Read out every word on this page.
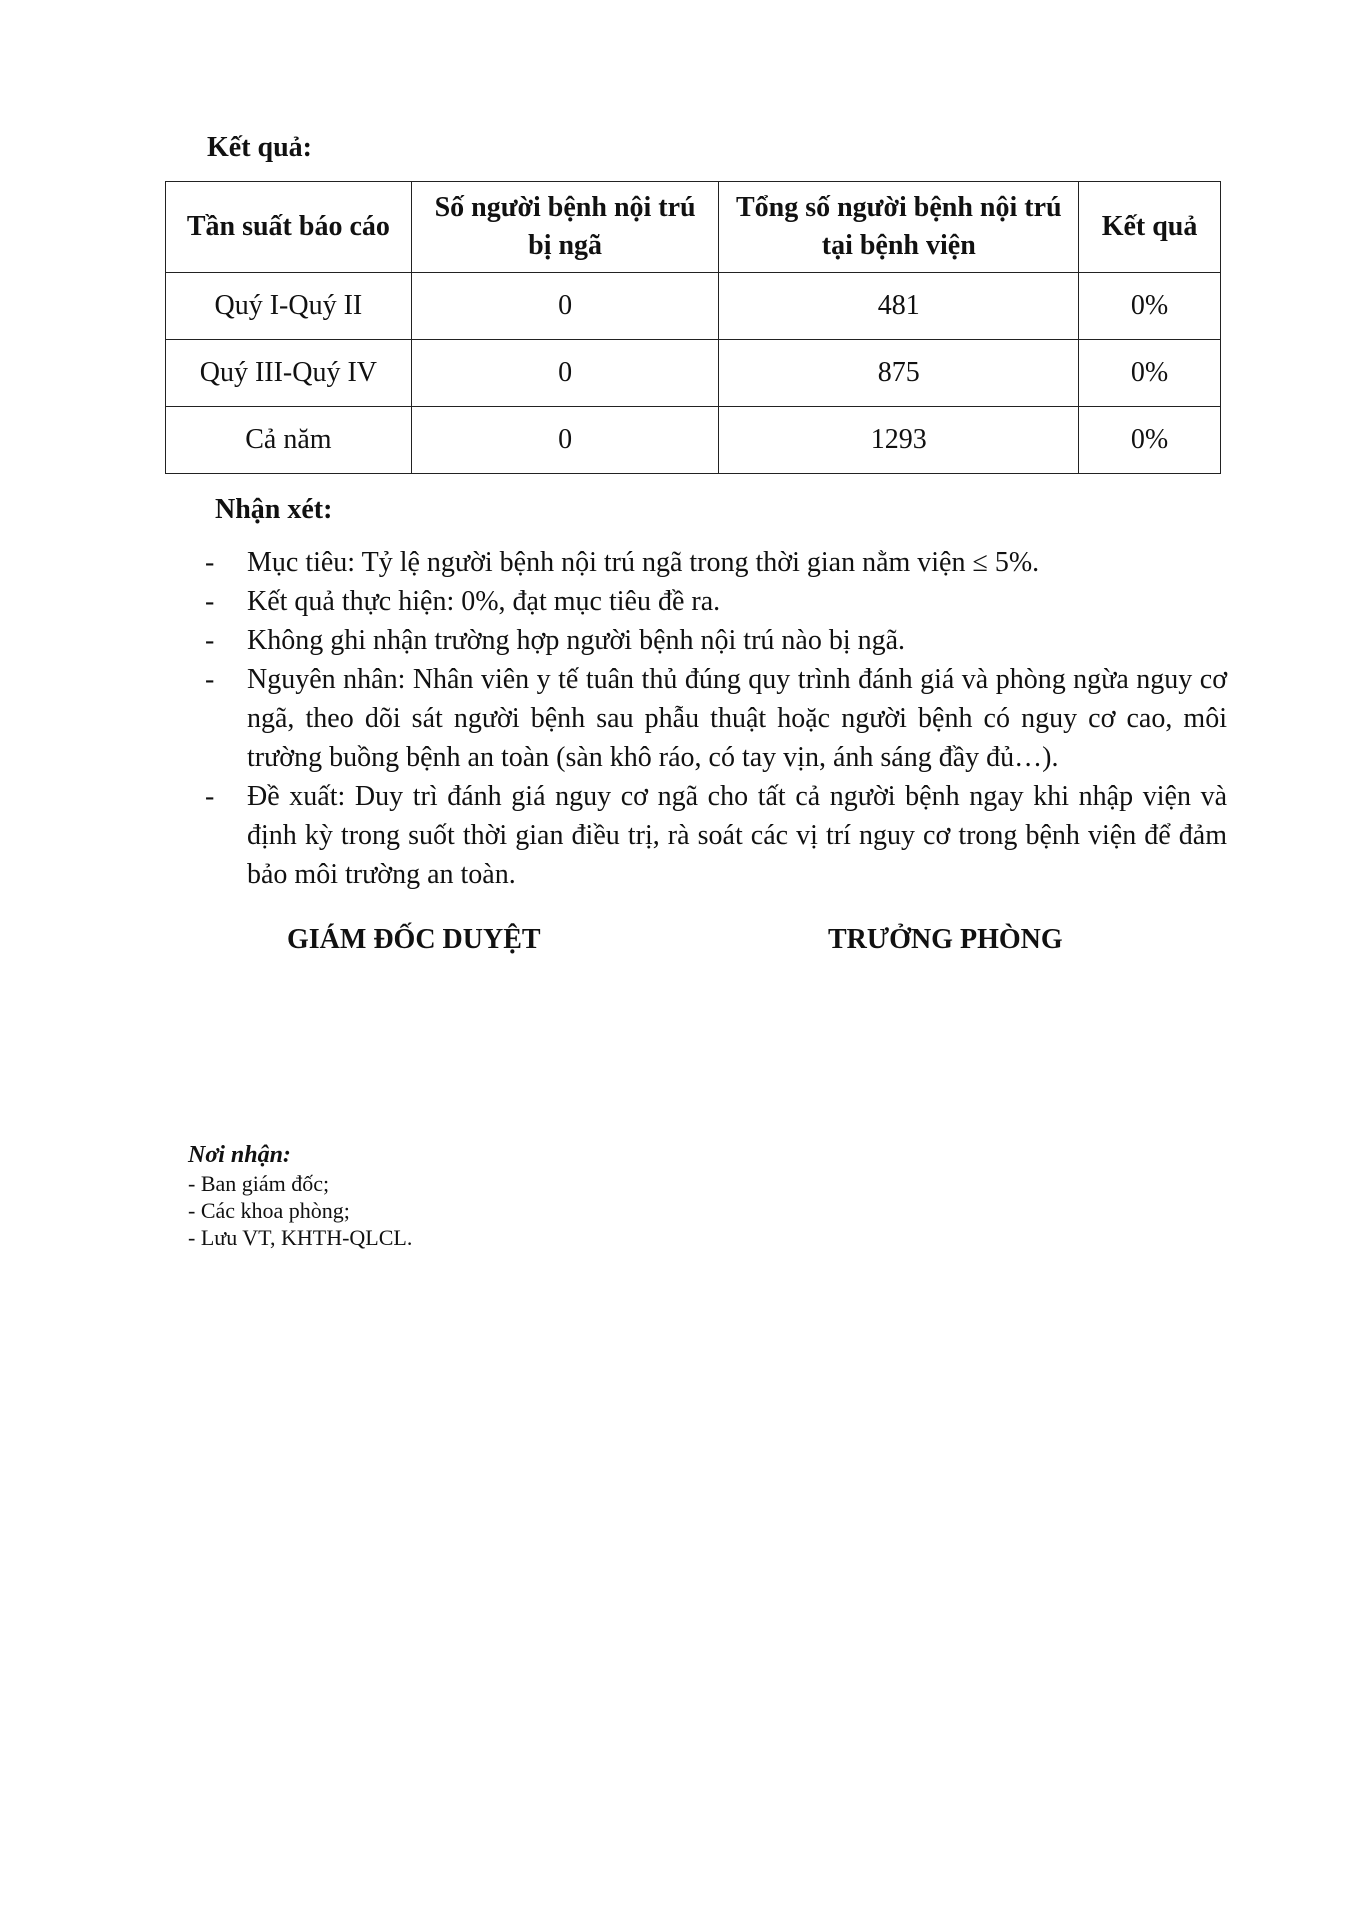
Kết quả:
Tần suất báo cáo	Số người bệnh nội trú bị ngã	Tổng số người bệnh nội trú tại bệnh viện	Kết quả
Quý I-Quý II	0	481	0%
Quý III-Quý IV	0	875	0%
Cả năm	0	1293	0%
Nhận xét:
- Mục tiêu: Tỷ lệ người bệnh nội trú ngã trong thời gian nằm viện ≤ 5%.
- Kết quả thực hiện: 0%, đạt mục tiêu đề ra.
- Không ghi nhận trường hợp người bệnh nội trú nào bị ngã.
- Nguyên nhân: Nhân viên y tế tuân thủ đúng quy trình đánh giá và phòng ngừa nguy cơ ngã, theo dõi sát người bệnh sau phẫu thuật hoặc người bệnh có nguy cơ cao, môi trường buồng bệnh an toàn (sàn khô ráo, có tay vịn, ánh sáng đầy đủ…).
- Đề xuất: Duy trì đánh giá nguy cơ ngã cho tất cả người bệnh ngay khi nhập viện và định kỳ trong suốt thời gian điều trị, rà soát các vị trí nguy cơ trong bệnh viện để đảm bảo môi trường an toàn.
GIÁM ĐỐC DUYỆT	TRƯỞNG PHÒNG
Nơi nhận:
- Ban giám đốc;
- Các khoa phòng;
- Lưu VT, KHTH-QLCL.
